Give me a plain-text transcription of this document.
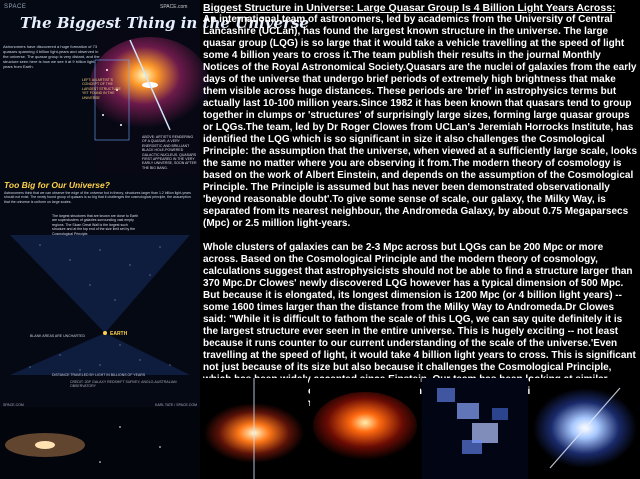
SPACE	SPACE.com
The Biggest Thing in the Universe
Astronomers have discovered a huge formation of 73 quasars spanning 4 billion light-years and observed in the universe. The quasar group is very distant, and the structure seen here is how we see it at 9 billion light-years from Earth.
LEFT: AN ARTIST'S CONCEPT OF THE LARGEST STRUCTURE YET FOUND IN THE UNIVERSE
ABOVE: ARTIST'S RENDERING OF A QUASAR, A VERY ENERGETIC AND BRILLIANT BLACK HOLE-POWERED GALACTIC NUCLEUS. QUASARS FIRST APPEARED IN THE VERY EARLY UNIVERSE, SOON AFTER THE BIG BANG.
Too Big for Our Universe?
Astronomers think that we can observe the edge of the universe but in theory, structures larger than 1.2 billion light-years should not exist. The newly found group of quasars is so big that it challenges the cosmological principle, the assumption that the universe is uniform on large scales.
The largest structures that are known are close to Earth are superclusters of galaxies surrounding vast empty regions. The Sloan Great Wall is the largest such structure and at the top end of the size limit set by the Cosmological Principle.
BLANK AREAS ARE UNCHARTED	EARTH
DISTANCE TRAVELED BY LIGHT IN BILLIONS OF YEARS
CREDIT: 2DF GALAXY REDSHIFT SURVEY, ANGLO-AUSTRALIAN OBSERVATORY
SPACE.COM	KARL TATE / SPACE.COM

Biggest Structure in Universe: Large Quasar Group Is 4 Billion Light Years Across:

An international team of astronomers, led by academics from the University of Central Lancashire (UCLan), has found the largest known structure in the universe. The large quasar group (LQG) is so large that it would take a vehicle travelling at the speed of light some 4 billion years to cross it.The team publish their results in the journal Monthly Notices of the Royal Astronomical Society.Quasars are the nuclei of galaxies from the early days of the universe that undergo brief periods of extremely high brightness that make them visible across huge distances. These periods are 'brief' in astrophysics terms but actually last 10-100 million years.Since 1982 it has been known that quasars tend to group together in clumps or 'structures' of surprisingly large sizes, forming large quasar groups or LQGs.The team, led by Dr Roger Clowes from UCLan's Jeremiah Horrocks Institute, has identified the LQG which is so significant in size it also challenges the Cosmological Principle: the assumption that the universe, when viewed at a sufficiently large scale, looks the same no matter where you are observing it from.The modern theory of cosmology is based on the work of Albert Einstein, and depends on the assumption of the Cosmological Principle. The Principle is assumed but has never been demonstrated observationally 'beyond reasonable doubt'.To give some sense of scale, our galaxy, the Milky Way, is separated from its nearest neighbour, the Andromeda Galaxy, by about 0.75 Megaparsecs (Mpc) or 2.5 million light-years.

Whole clusters of galaxies can be 2-3 Mpc across but LQGs can be 200 Mpc or more across. Based on the Cosmological Principle and the modern theory of cosmology, calculations suggest that astrophysicists should not be able to find a structure larger than 370 Mpc.Dr Clowes' newly discovered LQG however has a typical dimension of 500 Mpc. But because it is elongated, its longest dimension is 1200 Mpc (or 4 billion light years) -- some 1600 times larger than the distance from the Milky Way to Andromeda.Dr Clowes said: "While it is difficult to fathom the scale of this LQG, we can say quite definitely it is the largest structure ever seen in the entire universe. This is hugely exciting -- not least because it runs counter to our current understanding of the scale of the universe.'Even travelling at the speed of light, it would take 4 billion light years to cross. This is significant not just because of its size but also because it challenges the Cosmological Principle,
